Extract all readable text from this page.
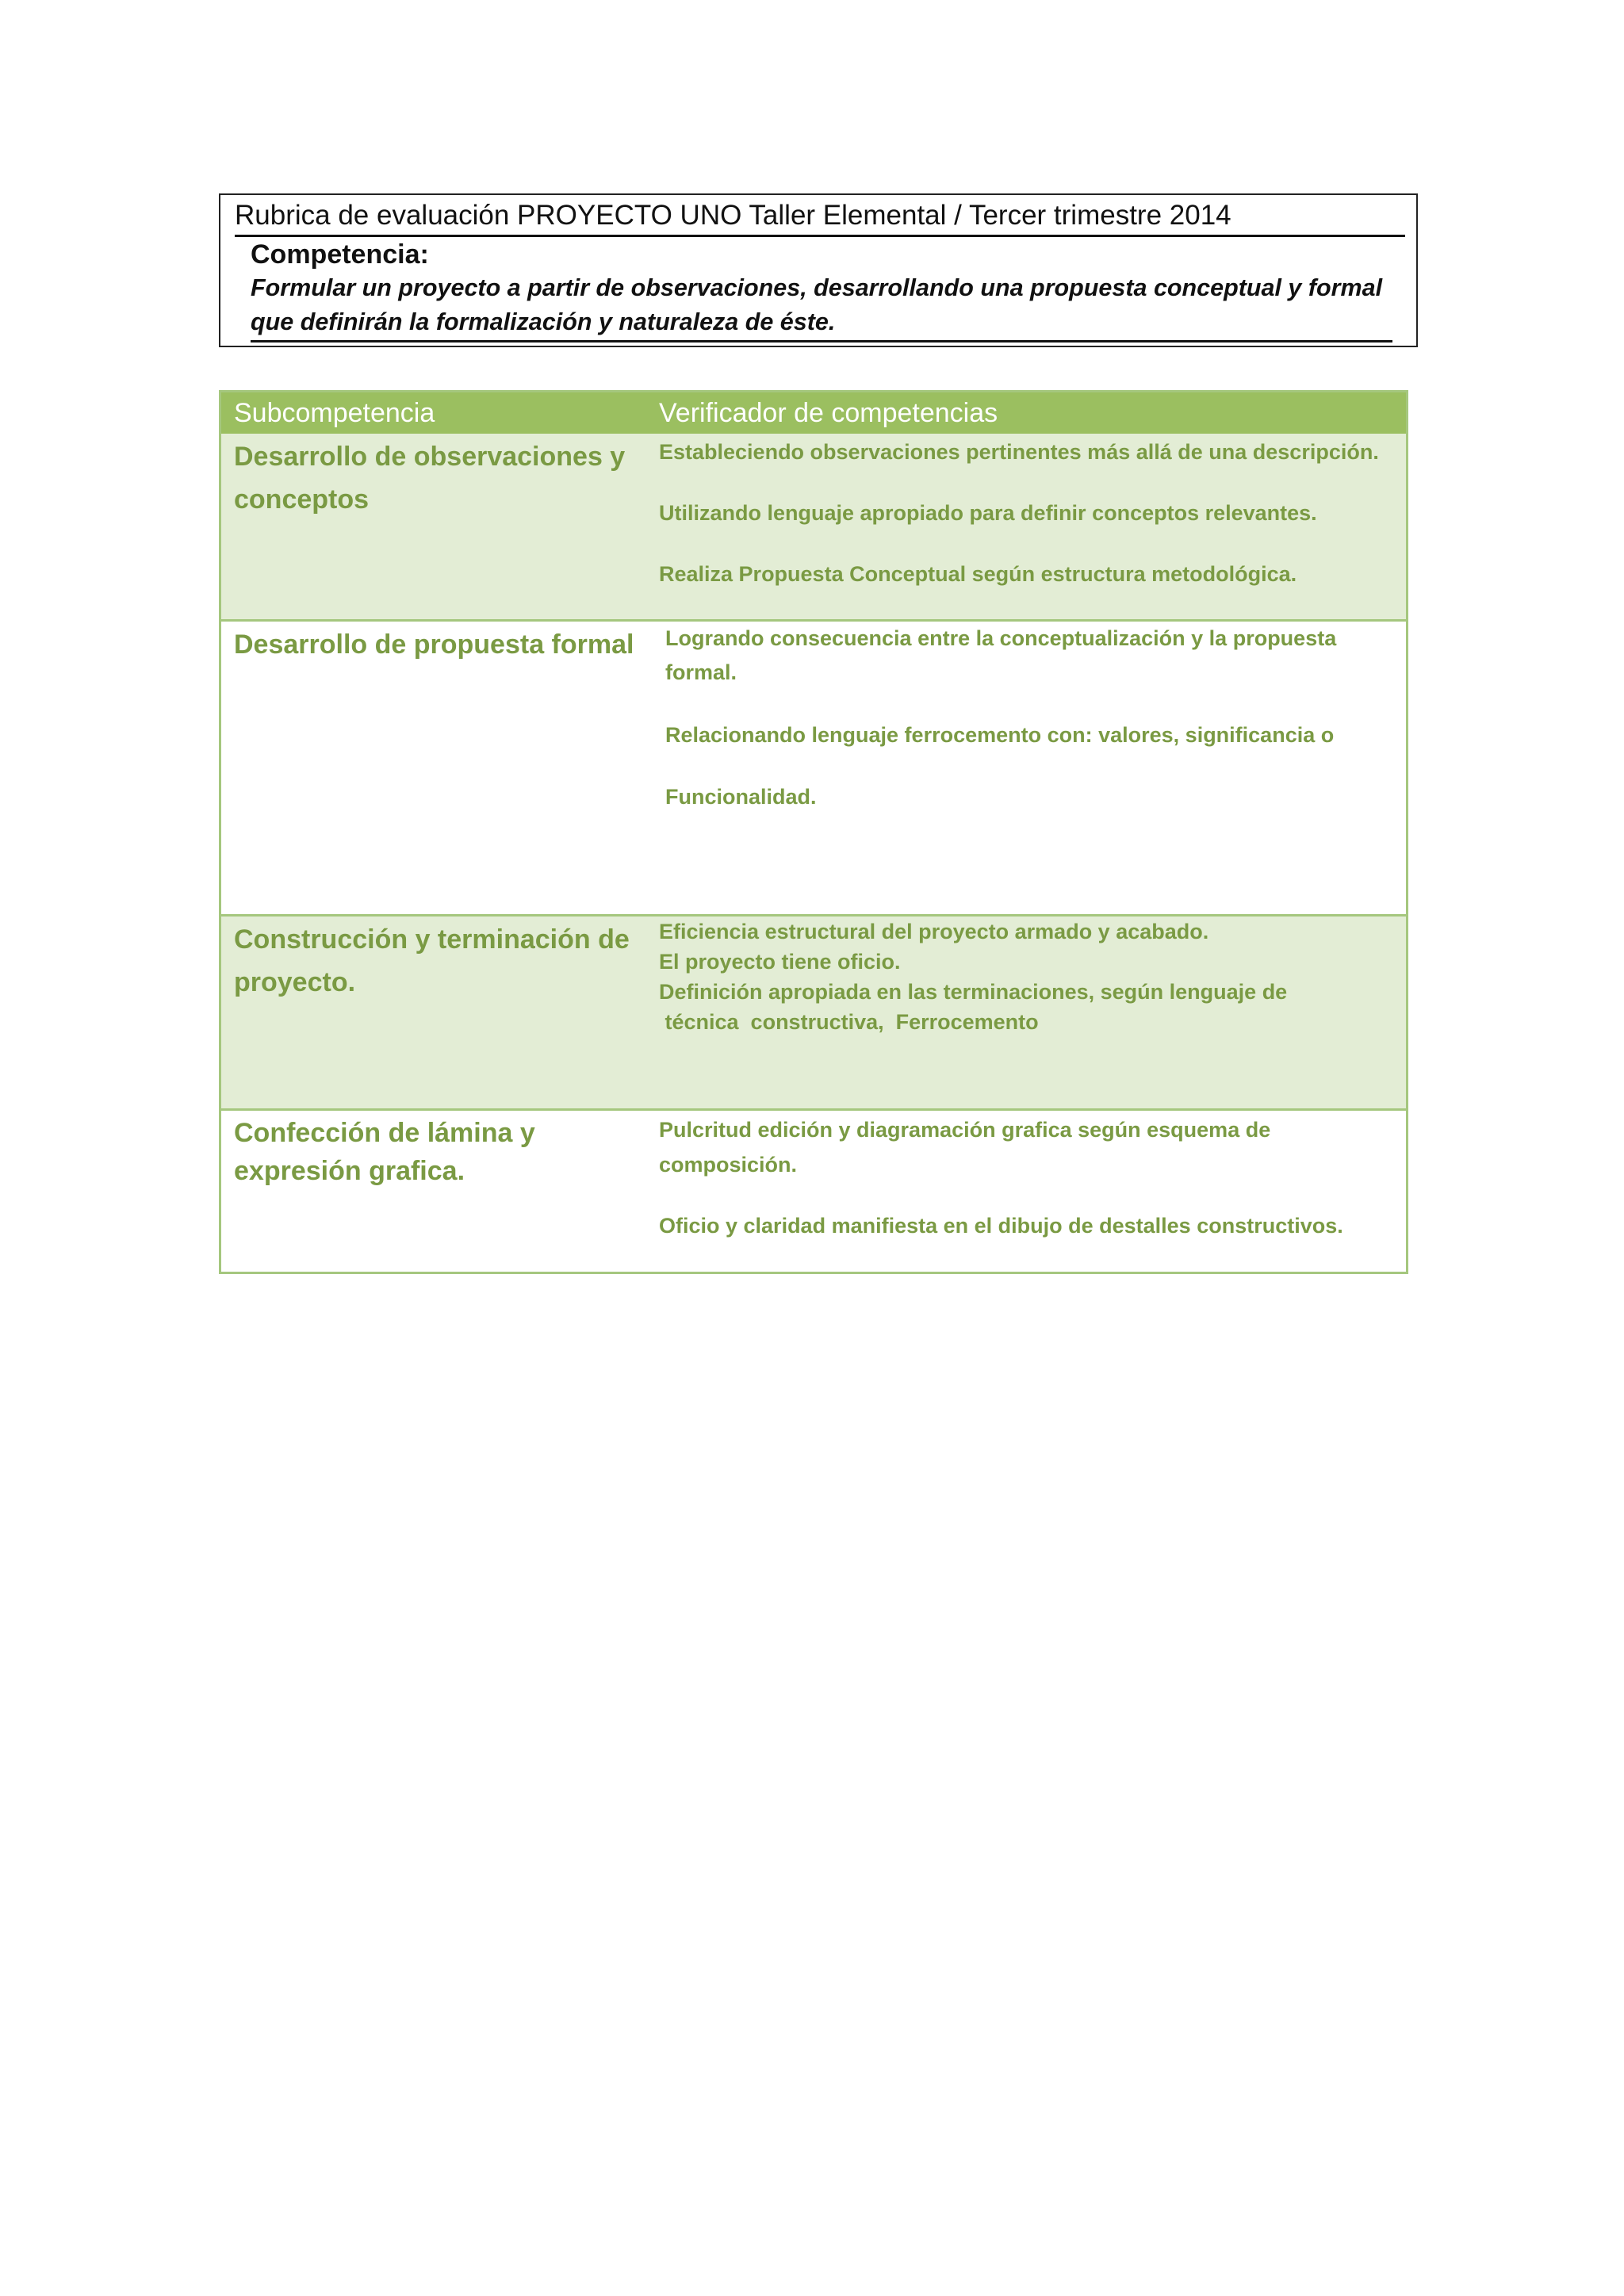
Rubrica de evaluación PROYECTO UNO Taller Elemental / Tercer trimestre 2014
Competencia:
Formular un proyecto a partir de observaciones, desarrollando una propuesta conceptual y formal
que definirán la formalización y naturaleza de éste.
Subcompetencia	Verificador de competencias
Desarrollo de observaciones y
conceptos

Estableciendo observaciones pertinentes más allá de una descripción.

Utilizando lenguaje apropiado para definir conceptos relevantes.

Realiza Propuesta Conceptual según estructura metodológica.

Desarrollo de propuesta formal	Logrando consecuencia entre la conceptualización y la propuesta

formal.

Relacionando lenguaje ferrocemento con: valores, significancia o

Funcionalidad.

Construcción y terminación de
proyecto.

Eficiencia estructural del proyecto armado y acabado.

El proyecto tiene oficio.

Definición apropiada en las terminaciones, según lenguaje de

técnica  constructiva,  Ferrocemento

Confección de lámina y
expresión grafica.

Pulcritud edición y diagramación grafica según esquema de

composición.

Oficio y claridad manifiesta en el dibujo de destalles constructivos.
